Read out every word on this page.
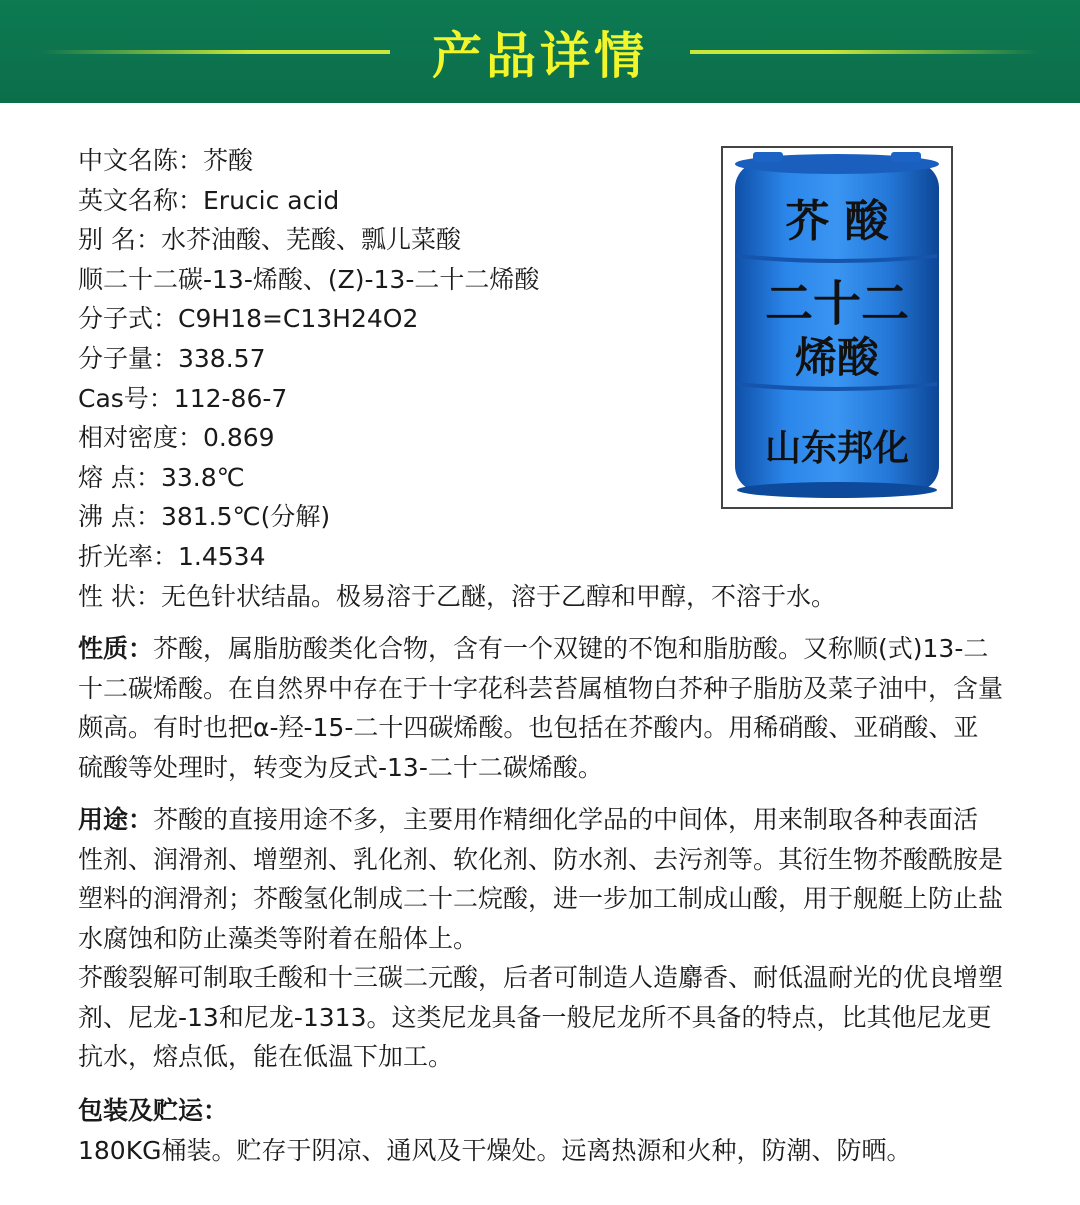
产品详情
中文名陈：芥酸
英文名称：Erucic acid
别 名：水芥油酸、芜酸、瓢儿菜酸
顺二十二碳-13-烯酸、(Z)-13-二十二烯酸
分子式：C9H18=C13H24O2
分子量：338.57
Cas号：112-86-7
相对密度：0.869
熔 点：33.8℃
沸 点：381.5℃(分解)
折光率：1.4534
性 状：无色针状结晶。极易溶于乙醚，溶于乙醇和甲醇，不溶于水。
芥 酸
二十二
烯酸
山东邦化
性质：芥酸，属脂肪酸类化合物，含有一个双键的不饱和脂肪酸。又称顺(式)13-二十二碳烯酸。在自然界中存在于十字花科芸苔属植物白芥种子脂肪及菜子油中，含量颇高。有时也把α-羟-15-二十四碳烯酸。也包括在芥酸内。用稀硝酸、亚硝酸、亚硫酸等处理时，转变为反式-13-二十二碳烯酸。
用途：芥酸的直接用途不多，主要用作精细化学品的中间体，用来制取各种表面活性剂、润滑剂、增塑剂、乳化剂、软化剂、防水剂、去污剂等。其衍生物芥酸酰胺是塑料的润滑剂；芥酸氢化制成二十二烷酸，进一步加工制成山酸，用于舰艇上防止盐水腐蚀和防止藻类等附着在船体上。
芥酸裂解可制取壬酸和十三碳二元酸，后者可制造人造麝香、耐低温耐光的优良增塑剂、尼龙-13和尼龙-1313。这类尼龙具备一般尼龙所不具备的特点，比其他尼龙更抗水，熔点低，能在低温下加工。
包装及贮运：
180KG桶装。贮存于阴凉、通风及干燥处。远离热源和火种，防潮、防晒。
